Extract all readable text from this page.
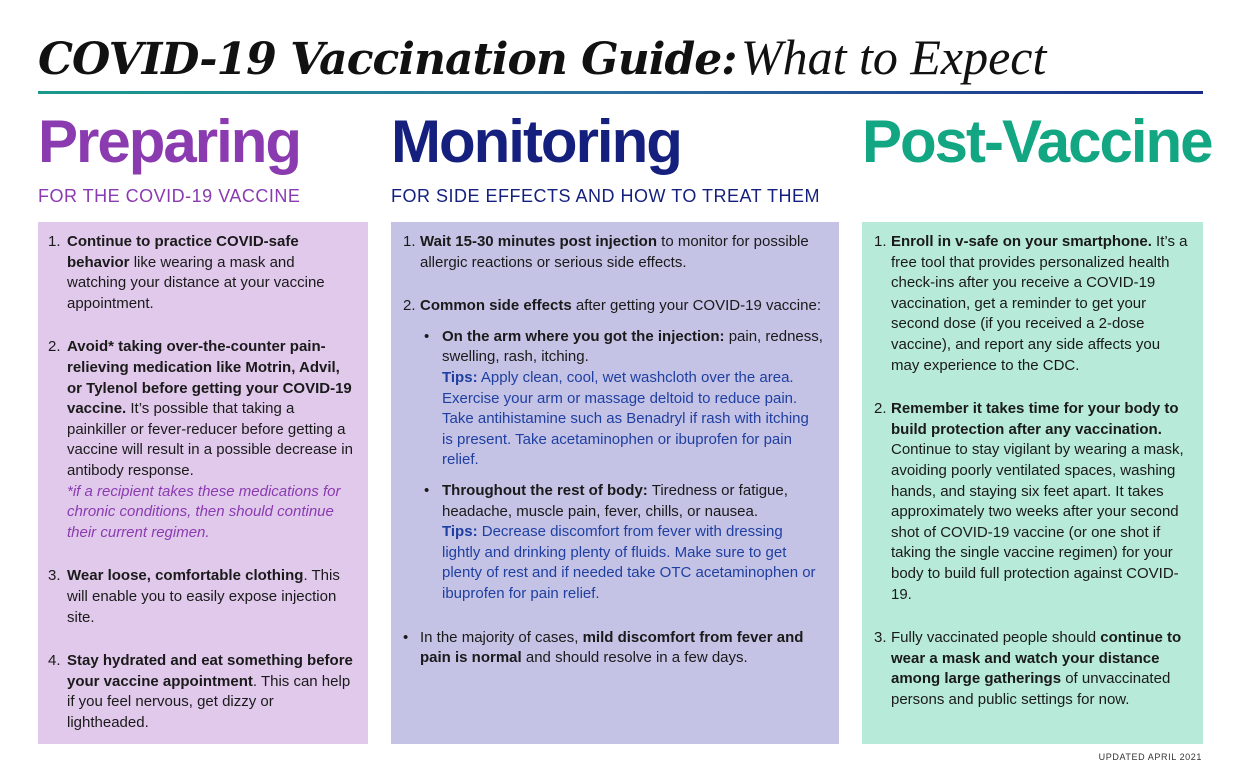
COVID-19 Vaccination Guide: What to Expect
Preparing
FOR THE COVID-19 VACCINE
Monitoring
FOR SIDE EFFECTS AND HOW TO TREAT THEM
Post-Vaccine
1. Continue to practice COVID-safe behavior like wearing a mask and watching your distance at your vaccine appointment.
2. Avoid* taking over-the-counter pain-relieving medication like Motrin, Advil, or Tylenol before getting your COVID-19 vaccine. It’s possible that taking a painkiller or fever-reducer before getting a vaccine will result in a possible decrease in antibody response.
*if a recipient takes these medications for chronic conditions, then should continue their current regimen.
3. Wear loose, comfortable clothing. This will enable you to easily expose injection site.
4. Stay hydrated and eat something before your vaccine appointment. This can help if you feel nervous, get dizzy or lightheaded.
1. Wait 15-30 minutes post injection to monitor for possible allergic reactions or serious side effects.
2. Common side effects after getting your COVID-19 vaccine:
• On the arm where you got the injection: pain, redness, swelling, rash, itching.
Tips: Apply clean, cool, wet washcloth over the area. Exercise your arm or massage deltoid to reduce pain. Take antihistamine such as Benadryl if rash with itching is present. Take acetaminophen or ibuprofen for pain relief.
• Throughout the rest of body: Tiredness or fatigue, headache, muscle pain, fever, chills, or nausea.
Tips: Decrease discomfort from fever with dressing lightly and drinking plenty of fluids. Make sure to get plenty of rest and if needed take OTC acetaminophen or ibuprofen for pain relief.
• In the majority of cases, mild discomfort from fever and pain is normal and should resolve in a few days.
1. Enroll in v-safe on your smartphone. It’s a free tool that provides personalized health check-ins after you receive a COVID-19 vaccination, get a reminder to get your second dose (if you received a 2-dose vaccine), and report any side affects you may experience to the CDC.
2. Remember it takes time for your body to build protection after any vaccination. Continue to stay vigilant by wearing a mask, avoiding poorly ventilated spaces, washing hands, and staying six feet apart. It takes approximately two weeks after your second shot of COVID-19 vaccine (or one shot if taking the single vaccine regimen) for your body to build full protection against COVID-19.
3. Fully vaccinated people should continue to wear a mask and watch your distance among large gatherings of unvaccinated persons and public settings for now.
UPDATED APRIL 2021
